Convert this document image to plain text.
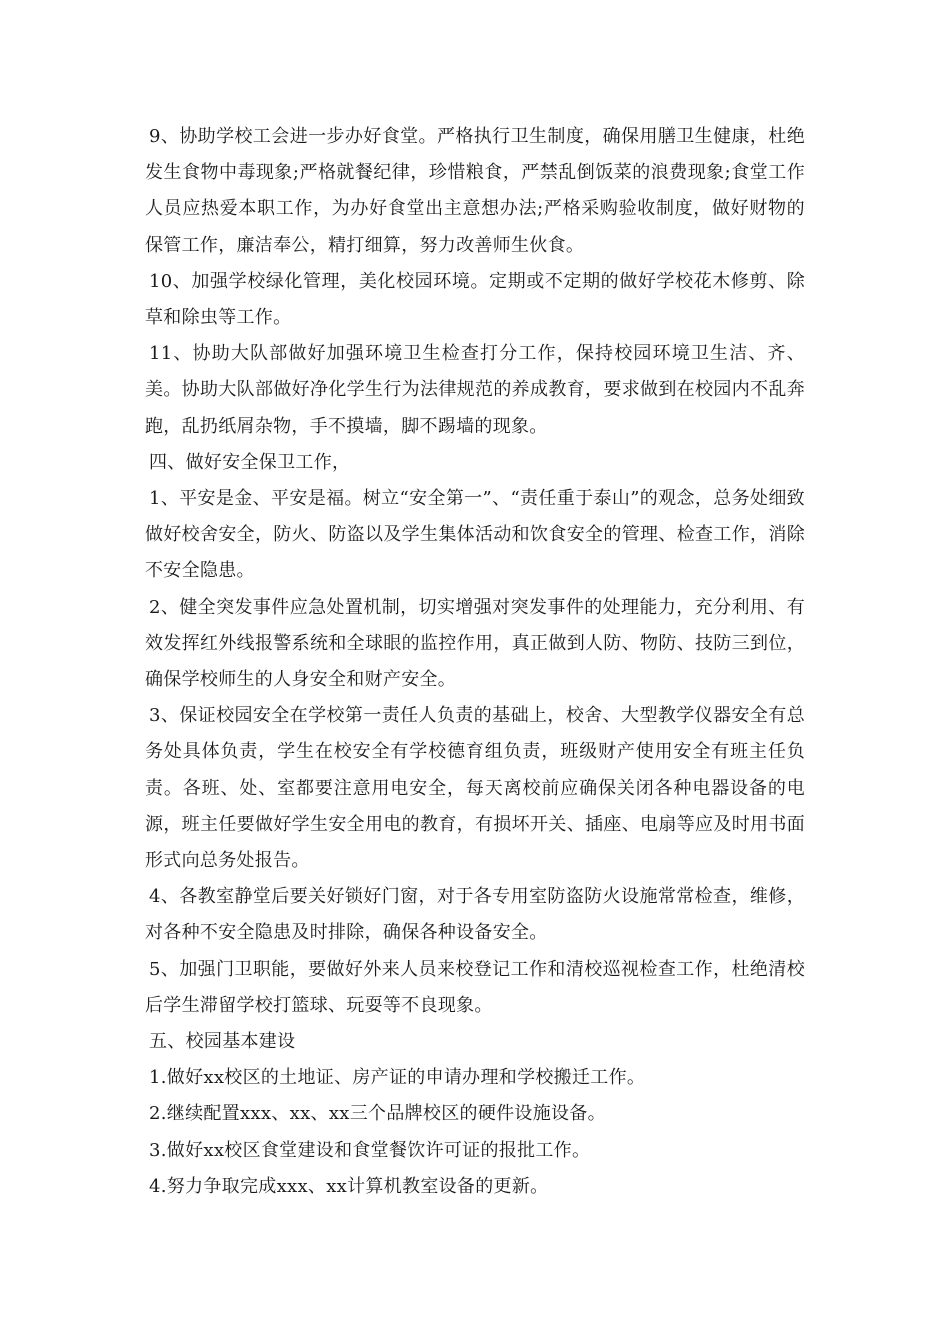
9、协助学校工会进一步办好食堂。严格执行卫生制度，确保用膳卫生健康，杜绝发生食物中毒现象;严格就餐纪律，珍惜粮食，严禁乱倒饭菜的浪费现象;食堂工作人员应热爱本职工作，为办好食堂出主意想办法;严格采购验收制度，做好财物的保管工作，廉洁奉公，精打细算，努力改善师生伙食。

10、加强学校绿化管理，美化校园环境。定期或不定期的做好学校花木修剪、除草和除虫等工作。

11、协助大队部做好加强环境卫生检查打分工作，保持校园环境卫生洁、齐、美。协助大队部做好净化学生行为法律规范的养成教育，要求做到在校园内不乱奔跑，乱扔纸屑杂物，手不摸墙，脚不踢墙的现象。

四、做好安全保卫工作，

1、平安是金、平安是福。树立“安全第一”、“责任重于泰山”的观念，总务处细致做好校舍安全，防火、防盗以及学生集体活动和饮食安全的管理、检查工作，消除不安全隐患。

2、健全突发事件应急处置机制，切实增强对突发事件的处理能力，充分利用、有效发挥红外线报警系统和全球眼的监控作用，真正做到人防、物防、技防三到位，确保学校师生的人身安全和财产安全。

3、保证校园安全在学校第一责任人负责的基础上，校舍、大型教学仪器安全有总务处具体负责，学生在校安全有学校德育组负责，班级财产使用安全有班主任负责。各班、处、室都要注意用电安全，每天离校前应确保关闭各种电器设备的电源，班主任要做好学生安全用电的教育，有损坏开关、插座、电扇等应及时用书面形式向总务处报告。

4、各教室静堂后要关好锁好门窗，对于各专用室防盗防火设施常常检查，维修，对各种不安全隐患及时排除，确保各种设备安全。

5、加强门卫职能，要做好外来人员来校登记工作和清校巡视检查工作，杜绝清校后学生滞留学校打篮球、玩耍等不良现象。

五、校园基本建设

1.做好xx校区的土地证、房产证的申请办理和学校搬迁工作。

2.继续配置xxx、xx、xx三个品牌校区的硬件设施设备。

3.做好xx校区食堂建设和食堂餐饮许可证的报批工作。

4.努力争取完成xxx、xx计算机教室设备的更新。
